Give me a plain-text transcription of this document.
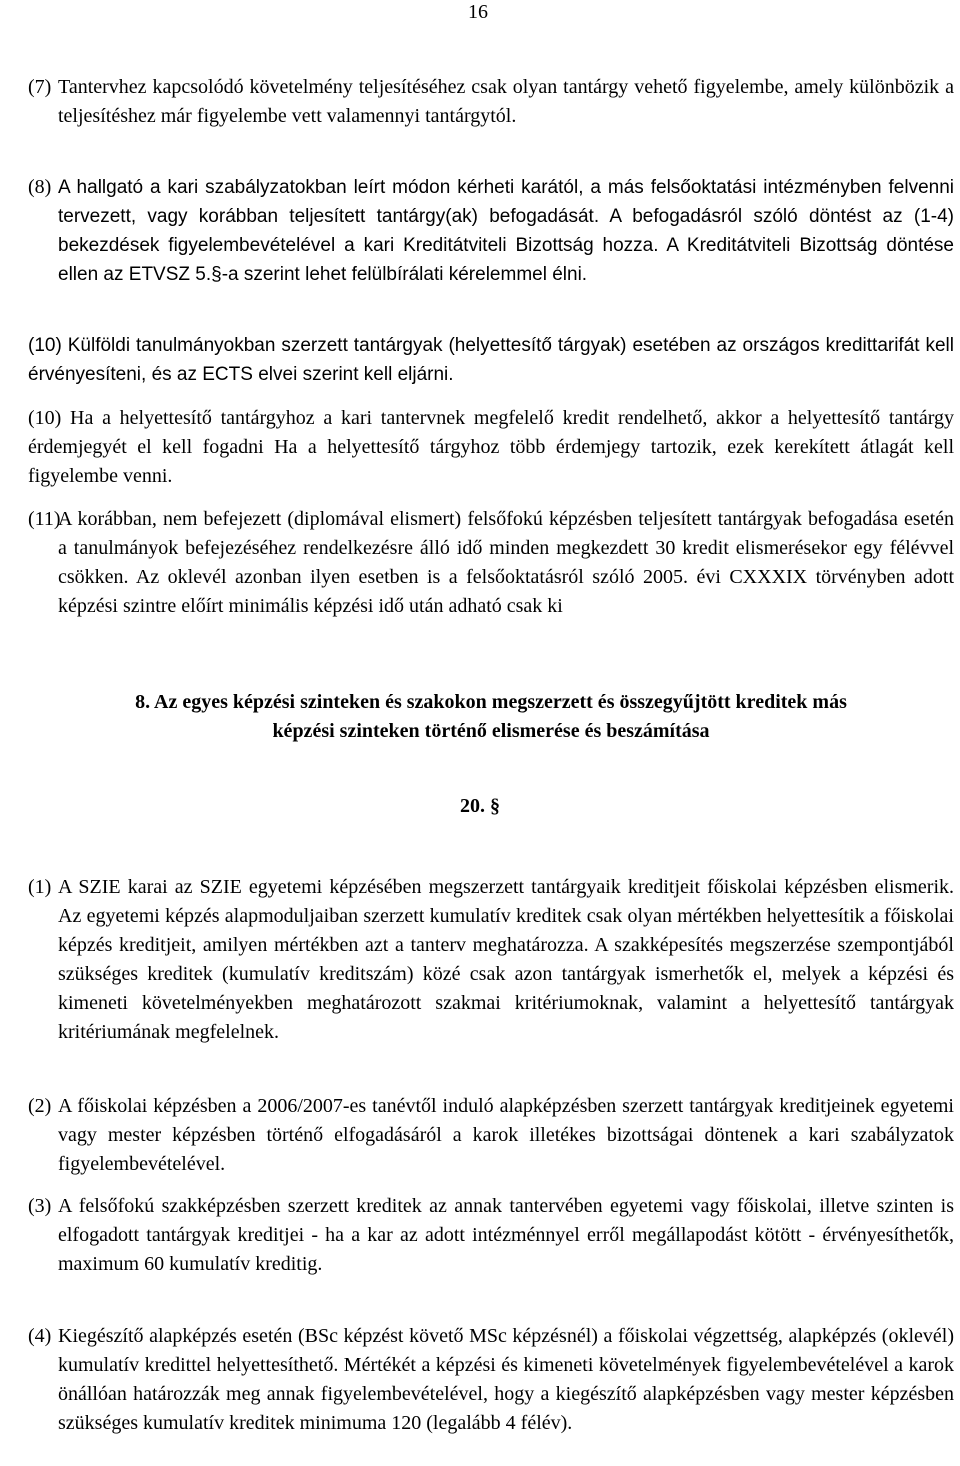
16
(7) Tantervhez kapcsolódó követelmény teljesítéséhez csak olyan tantárgy vehető figyelembe, amely különbözik a teljesítéshez már figyelembe vett valamennyi tantárgytól.
(8) A hallgató a kari szabályzatokban leírt módon kérheti karától, a más felsőoktatási intézményben felvenni tervezett, vagy korábban teljesített tantárgy(ak) befogadását. A befogadásról szóló döntést az (1-4) bekezdések figyelembevételével a kari Kreditátviteli Bizottság hozza. A Kreditátviteli Bizottság döntése ellen az ETVSZ 5.§-a szerint lehet felülbírálati kérelemmel élni.
(10) Külföldi tanulmányokban szerzett tantárgyak (helyettesítő tárgyak) esetében az országos kredittarifát kell érvényesíteni, és az ECTS elvei szerint kell eljárni.
(10) Ha a helyettesítő tantárgyhoz a kari tantervnek megfelelő kredit rendelhető, akkor a helyettesítő tantárgy érdemjegyét el kell fogadni Ha a helyettesítő tárgyhoz több érdemjegy tartozik, ezek kerekített átlagát kell figyelembe venni.
(11)
A korábban, nem befejezett (diplomával elismert) felsőfokú képzésben teljesített tantárgyak befogadása esetén a tanulmányok befejezéséhez rendelkezésre álló idő minden megkezdett 30 kredit elismerésekor egy félévvel csökken. Az oklevél azonban ilyen esetben is a felsőoktatásról szóló 2005. évi CXXXIX törvényben adott képzési szintre előírt minimális képzési idő után adható csak ki
8. Az egyes képzési szinteken és szakokon megszerzett és összegyűjtött kreditek más
képzési szinteken történő elismerése és beszámítása
20. §
(1) A SZIE karai az SZIE egyetemi képzésében megszerzett tantárgyaik kreditjeit főiskolai képzésben elismerik. Az egyetemi képzés alapmoduljaiban szerzett kumulatív kreditek csak olyan mértékben helyettesítik a főiskolai képzés kreditjeit, amilyen mértékben azt a tanterv meghatározza. A szakképesítés megszerzése szempontjából szükséges kreditek (kumulatív kreditszám) közé csak azon tantárgyak ismerhetők el, melyek a képzési és kimeneti követelményekben meghatározott szakmai kritériumoknak, valamint a helyettesítő tantárgyak kritériumának megfelelnek.
(2) A főiskolai képzésben a 2006/2007-es tanévtől induló alapképzésben szerzett tantárgyak kreditjeinek egyetemi vagy mester képzésben történő elfogadásáról a karok illetékes bizottságai döntenek a kari szabályzatok figyelembevételével.
(3) A felsőfokú szakképzésben szerzett kreditek az annak tantervében egyetemi vagy főiskolai, illetve szinten is elfogadott tantárgyak kreditjei - ha a kar az adott intézménnyel erről megállapodást kötött - érvényesíthetők, maximum 60 kumulatív kreditig.
(4) Kiegészítő alapképzés esetén (BSc képzést követő MSc képzésnél) a főiskolai végzettség, alapképzés (oklevél) kumulatív kredittel helyettesíthető. Mértékét a képzési és kimeneti követelmények figyelembevételével a karok önállóan határozzák meg annak figyelembevételével, hogy a kiegészítő alapképzésben vagy mester képzésben szükséges kumulatív kreditek minimuma 120 (legalább 4 félév).
